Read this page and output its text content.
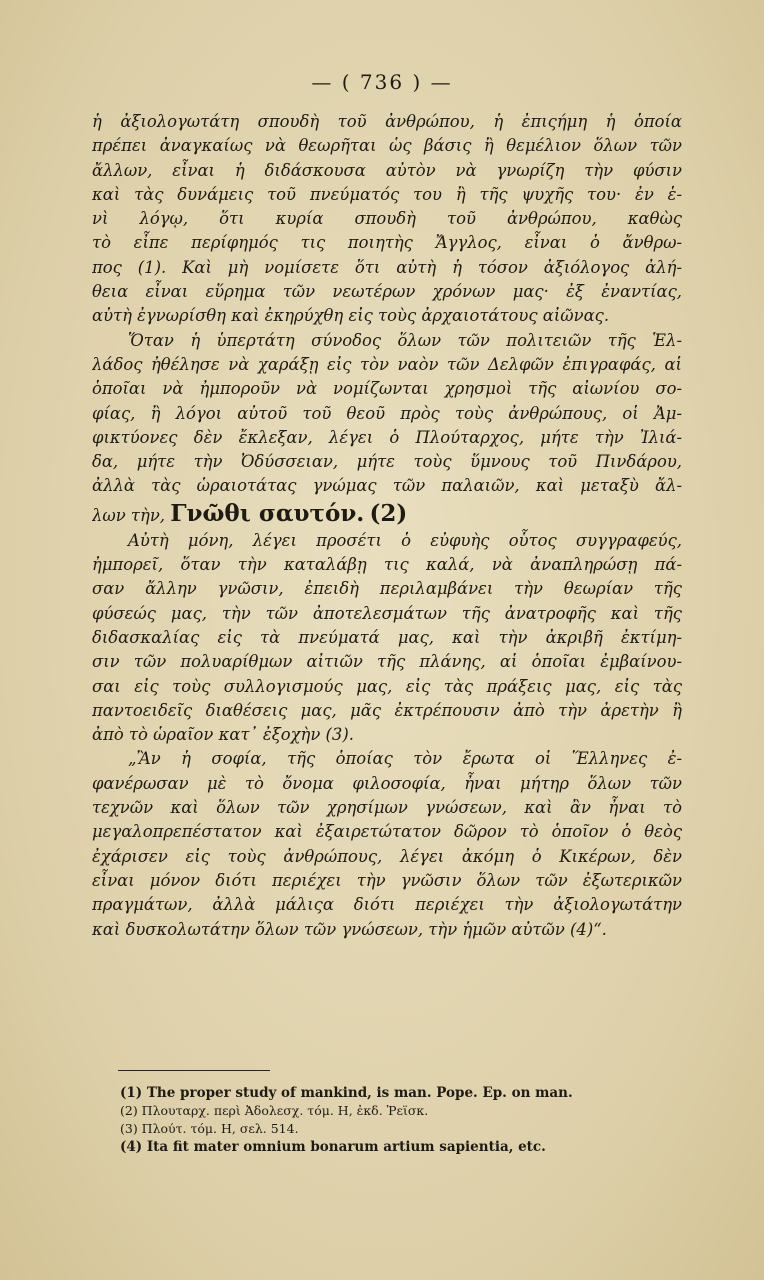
— ( 736 ) —
ἡ ἀξιολογωτάτη σπουδὴ τοῦ ἀνθρώπου, ἡ ἐπιςήμη ἡ ὁποία
πρέπει ἀναγκαίως νὰ θεωρῆται ὡς βάσις ἢ θεμέλιον ὅλων τῶν
ἄλλων, εἶναι ἡ διδάσκουσα αὐτὸν νὰ γνωρίζη τὴν φύσιν
καὶ τὰς δυνάμεις τοῦ πνεύματός του ἢ τῆς ψυχῆς του· ἐν ἑ-
νὶ λόγῳ, ὅτι κυρία σπουδὴ τοῦ ἀνθρώπου, καθὼς
τὸ εἶπε περίφημός τις ποιητὴς Ἄγγλος, εἶναι ὁ ἄνθρω-
πος (1). Καὶ μὴ νομίσετε ὅτι αὐτὴ ἡ τόσον ἀξιόλογος ἀλή-
θεια εἶναι εὕρημα τῶν νεωτέρων χρόνων μας· ἐξ ἐναντίας,
αὐτὴ ἐγνωρίσθη καὶ ἐκηρύχθη εἰς τοὺς ἀρχαιοτάτους αἰῶνας.
Ὅταν ἡ ὑπερτάτη σύνοδος ὅλων τῶν πολιτειῶν τῆς Ἑλ-
λάδος ἠθέλησε νὰ χαράξῃ εἰς τὸν ναὸν τῶν Δελφῶν ἐπιγραφάς, αἱ
ὁποῖαι νὰ ἠμποροῦν νὰ νομίζωνται χρησμοὶ τῆς αἰωνίου σο-
φίας, ἢ λόγοι αὐτοῦ τοῦ θεοῦ πρὸς τοὺς ἀνθρώπους, οἱ Ἀμ-
φικτύονες δὲν ἔκλεξαν, λέγει ὁ Πλούταρχος, μήτε τὴν Ἰλιά-
δα, μήτε τὴν Ὀδύσσειαν, μήτε τοὺς ὕμνους τοῦ Πινδάρου,
ἀλλὰ τὰς ὡραιοτάτας γνώμας τῶν παλαιῶν, καὶ μεταξὺ ἄλ-
λων τὴν, Γνῶθι σαυτόν. (2)
Αὐτὴ μόνη, λέγει προσέτι ὁ εὐφυὴς οὗτος συγγραφεύς,
ἠμπορεῖ, ὅταν τὴν καταλάβῃ τις καλά, νὰ ἀναπληρώσῃ πά-
σαν ἄλλην γνῶσιν, ἐπειδὴ περιλαμβάνει τὴν θεωρίαν τῆς
φύσεώς μας, τὴν τῶν ἀποτελεσμάτων τῆς ἀνατροφῆς καὶ τῆς
διδασκαλίας εἰς τὰ πνεύματά μας, καὶ τὴν ἀκριβῆ ἐκτίμη-
σιν τῶν πολυαρίθμων αἰτιῶν τῆς πλάνης, αἱ ὁποῖαι ἐμβαίνου-
σαι εἰς τοὺς συλλογισμούς μας, εἰς τὰς πράξεις μας, εἰς τὰς
παντοειδεῖς διαθέσεις μας, μᾶς ἐκτρέπουσιν ἀπὸ τὴν ἀρετὴν ἢ
ἀπὸ τὸ ὡραῖον κατ᾽ ἐξοχὴν (3).
„Ἂν ἡ σοφία, τῆς ὁποίας τὸν ἔρωτα οἱ Ἕλληνες ἐ-
φανέρωσαν μὲ τὸ ὄνομα φιλοσοφία, ἦναι μήτηρ ὅλων τῶν
τεχνῶν καὶ ὅλων τῶν χρησίμων γνώσεων, καὶ ἂν ἦναι τὸ
μεγαλοπρεπέστατον καὶ ἐξαιρετώτατον δῶρον τὸ ὁποῖον ὁ θεὸς
ἐχάρισεν εἰς τοὺς ἀνθρώπους, λέγει ἀκόμη ὁ Κικέρων, δὲν
εἶναι μόνον διότι περιέχει τὴν γνῶσιν ὅλων τῶν ἐξωτερικῶν
πραγμάτων, ἀλλὰ μάλιςα διότι περιέχει τὴν ἀξιολογωτάτην
καὶ δυσκολωτάτην ὅλων τῶν γνώσεων, τὴν ἡμῶν αὐτῶν (4)“.
(1) The proper study of mankind, is man. Pope. Ep. on man.
(2) Πλουταρχ. περὶ Ἀδολεσχ. τόμ. Η, ἐκδ. Ῥεϊσκ.
(3) Πλούτ. τόμ. Η, σελ. 514.
(4) Ita fit mater omnium bonarum artium sapientia, etc.
